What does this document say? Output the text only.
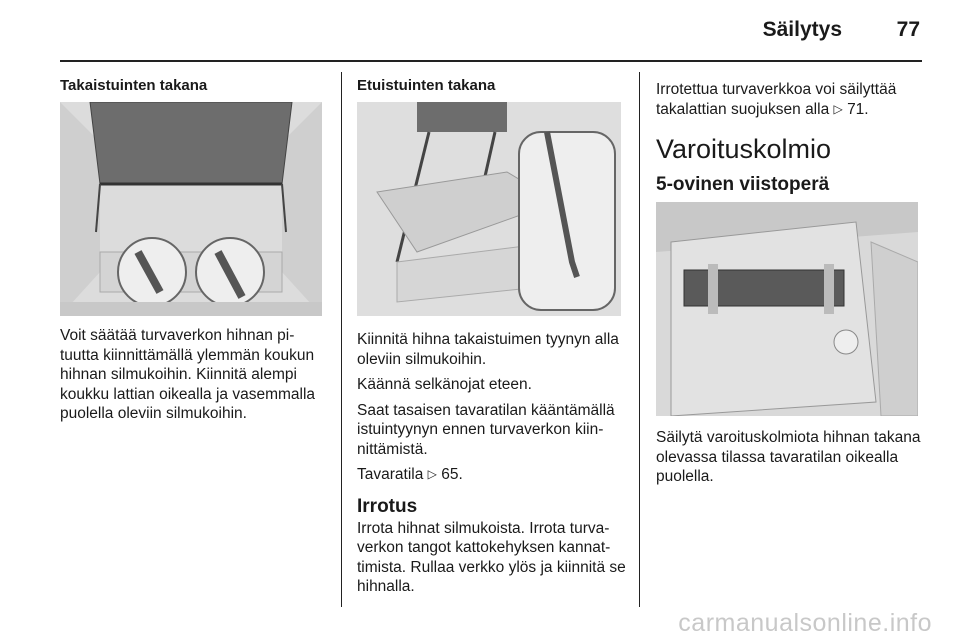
Säilytys	77

Takaistuinten takana

Voit säätää turvaverkon hihnan pituutta kiinnittämällä ylemmän koukun hihnan silmukoihin. Kiinnitä alempi koukku lattian oikealla ja vasemmalla puolella oleviin silmukoihin.

Etuistuinten takana

Kiinnitä hihna takaistuimen tyynyn alla oleviin silmukoihin.

Käännä selkänojat eteen.

Saat tasaisen tavaratilan kääntämällä istuintyynyn ennen turvaverkon kiinnittämistä.

Tavaratila ▷ 65.

Irrotus

Irrota hihnat silmukoista. Irrota turvaverkon tangot kattokehyksen kannattimista. Rullaa verkko ylös ja kiinnitä se hihnalla.

Irrotettua turvaverkkoa voi säilyttää takalattian suojuksen alla ▷ 71.

Varoituskolmio

5-ovinen viistoperä

Säilytä varoituskolmiota hihnan takana olevassa tilassa tavaratilan oikealla puolella.

carmanualsonline.info
